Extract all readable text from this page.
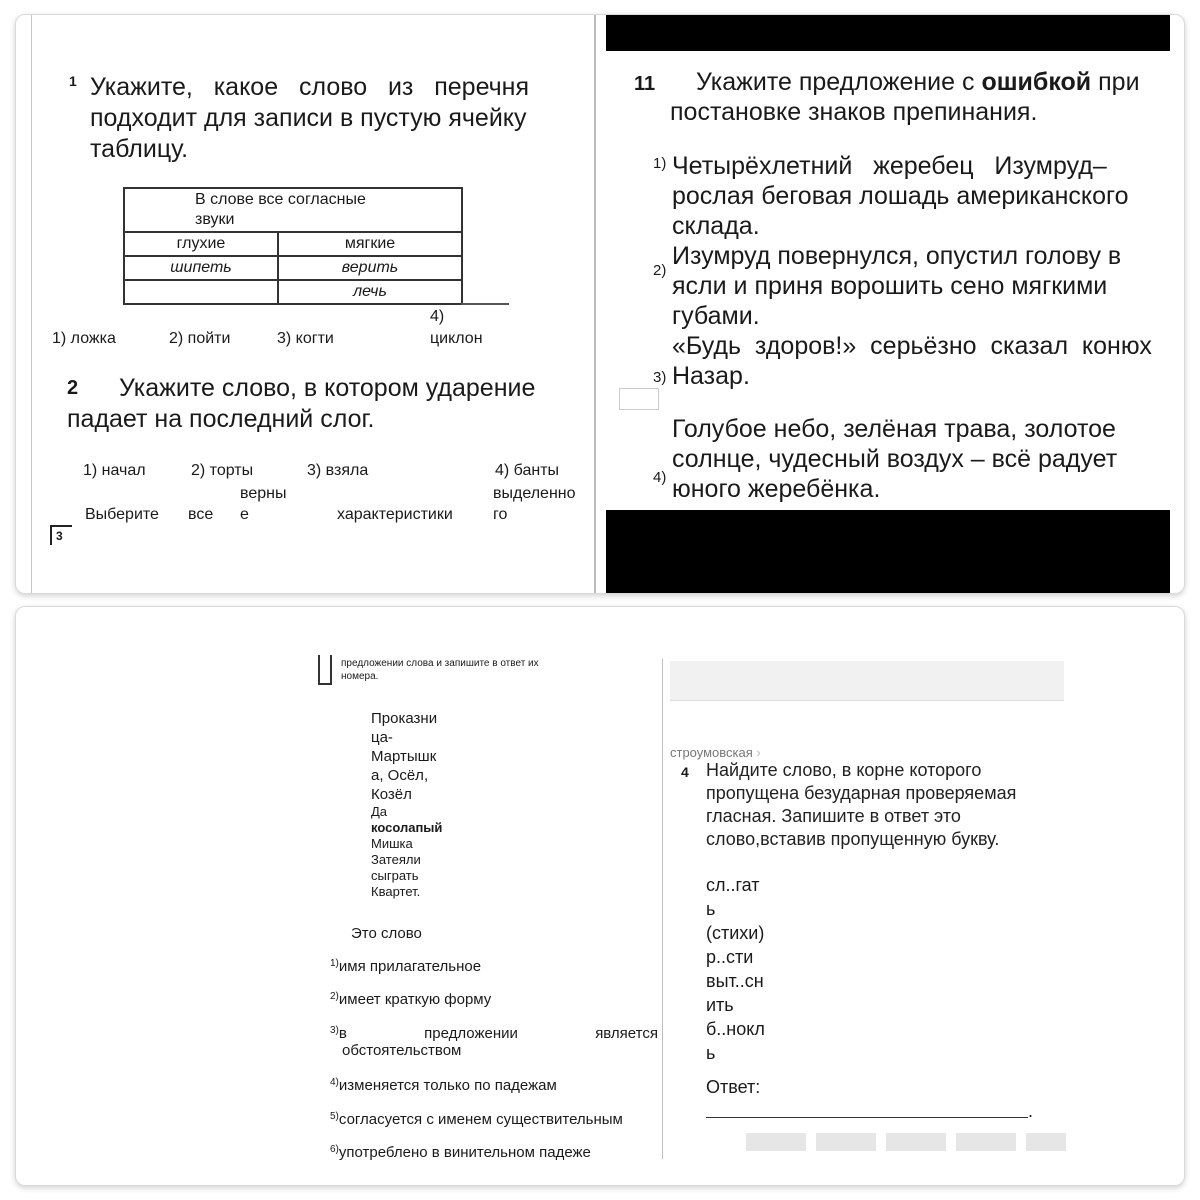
1 Укажите,   какое   слово   из   перечня
подходит для записи в пустую ячейку
таблицу.
В слове все согласные
звуки	

глухие	мягкие
шипеть	верить
	лечь
1) ложка	2) пойти	3) когти
4)
циклон
2 Укажите слово, в котором ударение
падает на последний слог.
1) начал	2) торты	3) взяла	4) банты
Выберите все
верны
е	характеристики
выделенно
го
3
11 Укажите предложение с ошибкой при
постановке знаков препинания.
1) Четырёхлетний   жеребец   Изумруд–
рослая беговая лошадь американского
склада.
2)
Изумруд повернулся, опустил голову в
ясли и приня ворошить сено мягкими
губами.
3)
«Будь  здоров!»  серьёзно  сказал  конюх
Назар.
4)
Голубое небо, зелёная трава, золотое
солнце, чудесный воздух – всё радует
юного жеребёнка.
предложении слова и запишите в ответ их
номера.
Проказни
ца-
Мартышк
а, Осёл,
Козёл
Да
косолапый
Мишка
Затеяли
сыграть
Квартет.
Это слово
$^{1)}$имя прилагательное
$^{2)}$имеет краткую форму
$^{3)}$в	предложении	является
обстоятельством
$^{4)}$изменяется только по падежам
$^{5)}$согласуется с именем существительным
$^{6)}$употреблено в винительном падеже
строумовская ›
4 Найдите слово, в корне которого
пропущена безударная проверяемая
гласная. Запишите в ответ это
слово,вставив пропущенную букву.
сл..гат
ь
(стихи)
р..сти
выт..сн
ить
б..нокл
ь
Ответ:
.
